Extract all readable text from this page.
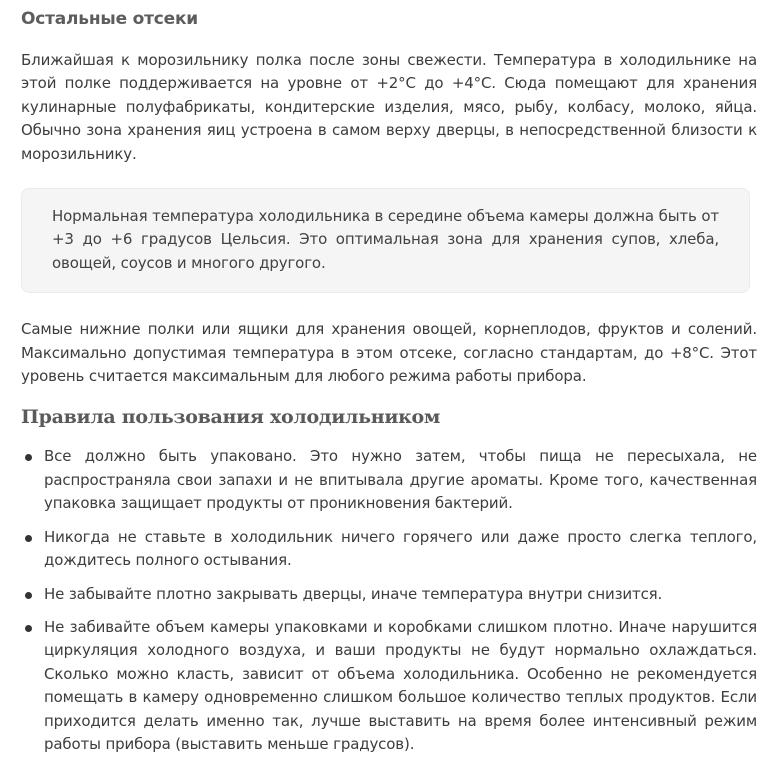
Остальные отсеки

Ближайшая к морозильнику полка после зоны свежести. Температура в холодильнике на этой полке поддерживается на уровне от +2°С до +4°С. Сюда помещают для хранения кулинарные полуфабрикаты, кондитерские изделия, мясо, рыбу, колбасу, молоко, яйца. Обычно зона хранения яиц устроена в самом верху дверцы, в непосредственной близости к морозильнику.

Нормальная температура холодильника в середине объема камеры должна быть от +3 до +6 градусов Цельсия. Это оптимальная зона для хранения супов, хлеба, овощей, соусов и многого другого.

Самые нижние полки или ящики для хранения овощей, корнеплодов, фруктов и солений. Максимально допустимая температура в этом отсеке, согласно стандартам, до +8°С. Этот уровень считается максимальным для любого режима работы прибора.

Правила пользования холодильником

Все должно быть упаковано. Это нужно затем, чтобы пища не пересыхала, не распространяла свои запахи и не впитывала другие ароматы. Кроме того, качественная упаковка защищает продукты от проникновения бактерий.

Никогда не ставьте в холодильник ничего горячего или даже просто слегка теплого, дождитесь полного остывания.

Не забывайте плотно закрывать дверцы, иначе температура внутри снизится.

Не забивайте объем камеры упаковками и коробками слишком плотно. Иначе нарушится циркуляция холодного воздуха, и ваши продукты не будут нормально охлаждаться. Сколько можно класть, зависит от объема холодильника. Особенно не рекомендуется помещать в камеру одновременно слишком большое количество теплых продуктов. Если приходится делать именно так, лучше выставить на время более интенсивный режим работы прибора (выставить меньше градусов).
